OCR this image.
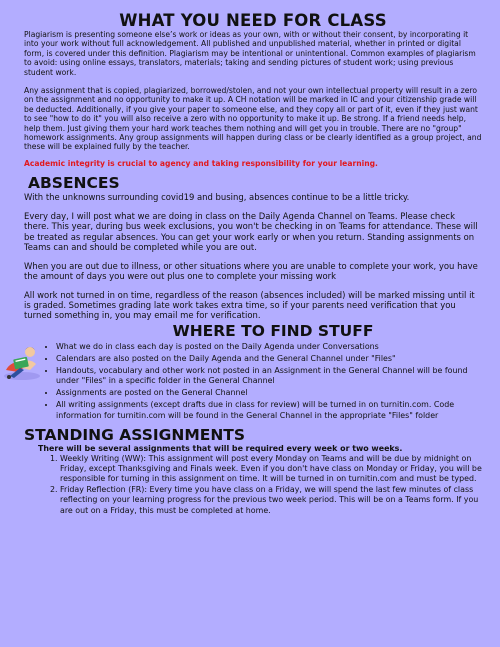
WHAT YOU NEED FOR CLASS

Plagiarism is presenting someone else’s work or ideas as your own, with or without their consent, by incorporating it into your work without full acknowledgement. All published and unpublished material, whether in printed or digital form, is covered under this definition. Plagiarism may be intentional or unintentional. Common examples of plagiarism to avoid: using online essays, translators, materials; taking and sending pictures of student work; using previous student work.

Any assignment that is copied, plagiarized, borrowed/stolen, and not your own intellectual property will result in a zero on the assignment and no opportunity to make it up. A CH notation will be marked in IC and your citizenship grade will be deducted. Additionally, if you give your paper to someone else, and they copy all or part of it, even if they just want to see "how to do it" you will also receive a zero with no opportunity to make it up. Be strong. If a friend needs help, help them. Just giving them your hard work teaches them nothing and will get you in trouble. There are no "group" homework assignments. Any group assignments will happen during class or be clearly identified as a group project, and these will be explained fully by the teacher.

Academic integrity is crucial to agency and taking responsibility for your learning.

ABSENCES

With the unknowns surrounding covid19 and busing, absences continue to be a little tricky.

Every day, I will post what we are doing in class on the Daily Agenda Channel on Teams. Please check there. This year, during bus week exclusions, you won't be checking in on Teams for attendance. These will be treated as regular absences. You can get your work early or when you return. Standing assignments on Teams can and should be completed while you are out.

When you are out due to illness, or other situations where you are unable to complete your work, you have the amount of days you were out plus one to complete your missing work

All work not turned in on time, regardless of the reason (absences included) will be marked missing until it is graded. Sometimes grading late work takes extra time, so if your parents need verification that you turned something in, you may email me for verification.

WHERE TO FIND STUFF
• What we do in class each day is posted on the Daily Agenda under Conversations
• Calendars are also posted on the Daily Agenda and the General Channel under "Files"
• Handouts, vocabulary and other work not posted in an Assignment in the General Channel will be found under "Files" in a specific folder in the General Channel
• Assignments are posted on the General Channel
• All writing assignments (except drafts due in class for review) will be turned in on turnitin.com. Code information for turnitin.com will be found in the General Channel in the appropriate "Files" folder
STANDING ASSIGNMENTS

There will be several assignments that will be required every week or two weeks.

1. Weekly Writing (WW): This assignment will post every Monday on Teams and will be due by midnight on Friday, except Thanksgiving and Finals week. Even if you don't have class on Monday or Friday, you will be responsible for turning in this assignment on time. It will be turned in on turnitin.com and must be typed.
2. Friday Reflection (FR): Every time you have class on a Friday, we will spend the last few minutes of class reflecting on your learning progress for the previous two week period. This will be on a Teams form. If you are out on a Friday, this must be completed at home.
